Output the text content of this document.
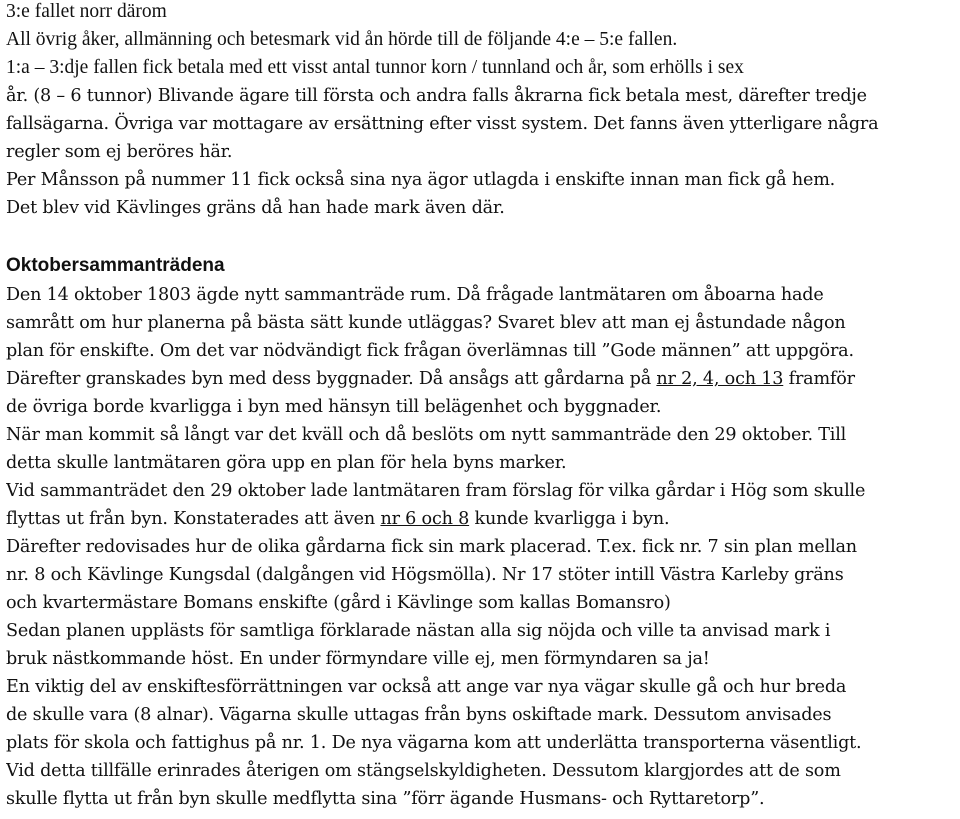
3:e fallet norr därom
All övrig åker, allmänning och betesmark vid ån hörde till de följande 4:e – 5:e fallen.
1:a – 3:dje fallen fick betala med ett visst antal tunnor korn / tunnland och år, som erhölls i sex
år. (8 – 6 tunnor) Blivande ägare till första och andra falls åkrarna fick betala mest, därefter tredje
fallsägarna. Övriga var mottagare av ersättning efter visst system. Det fanns även ytterligare några
regler som ej beröres här.
Per Månsson på nummer 11 fick också sina nya ägor utlagda i enskifte innan man fick gå hem.
Det blev vid Kävlinges gräns då han hade mark även där.
Oktobersammanträdena
Den 14 oktober 1803 ägde nytt sammanträde rum. Då frågade lantmätaren om åboarna hade
samrått om hur planerna på bästa sätt kunde utläggas? Svaret blev att man ej åstundade någon
plan för enskifte. Om det var nödvändigt fick frågan överlämnas till ”Gode männen” att uppgöra.
Därefter granskades byn med dess byggnader. Då ansågs att gårdarna på nr 2, 4, och 13 framför
de övriga borde kvarligga i byn med hänsyn till belägenhet och byggnader.
När man kommit så långt var det kväll och då beslöts om nytt sammanträde den 29 oktober. Till
detta skulle lantmätaren göra upp en plan för hela byns marker.
Vid sammanträdet den 29 oktober lade lantmätaren fram förslag för vilka gårdar i Hög som skulle
flyttas ut från byn. Konstaterades att även nr 6 och 8 kunde kvarligga i byn.
Därefter redovisades hur de olika gårdarna fick sin mark placerad. T.ex. fick nr. 7 sin plan mellan
nr. 8 och Kävlinge Kungsdal (dalgången vid Högsmölla). Nr 17 stöter intill Västra Karleby gräns
och kvartermästare Bomans enskifte (gård i Kävlinge som kallas Bomansro)
Sedan planen upplästs för samtliga förklarade nästan alla sig nöjda och ville ta anvisad mark i
bruk nästkommande höst. En under förmyndare ville ej, men förmyndaren sa ja!
En viktig del av enskiftesförrättningen var också att ange var nya vägar skulle gå och hur breda
de skulle vara (8 alnar). Vägarna skulle uttagas från byns oskiftade mark. Dessutom anvisades
plats för skola och fattighus på nr. 1. De nya vägarna kom att underlätta transporterna väsentligt.
Vid detta tillfälle erinrades återigen om stängselskyldigheten. Dessutom klargjordes att de som
skulle flytta ut från byn skulle medflytta sina ”förr ägande Husmans- och Ryttaretorp”.
